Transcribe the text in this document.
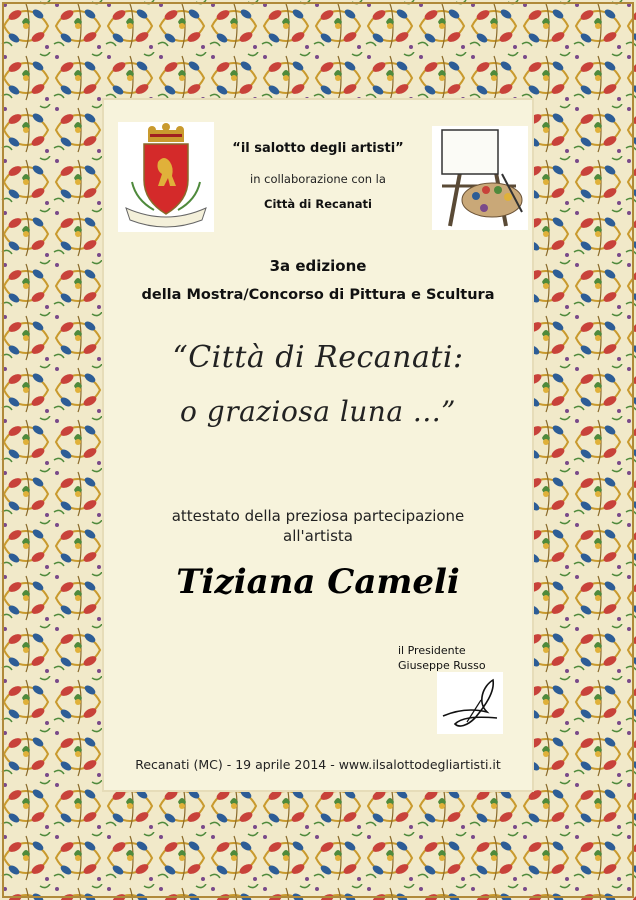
“il salotto degli artisti”
in collaborazione con la
Città di Recanati
3a edizione
della Mostra/Concorso di Pittura e Scultura
“Città di Recanati:
o graziosa luna ...”
attestato della preziosa partecipazione
all'artista
Tiziana Cameli
il Presidente
Giuseppe Russo
Recanati (MC) - 19 aprile 2014 - www.ilsalottodegliartisti.it
